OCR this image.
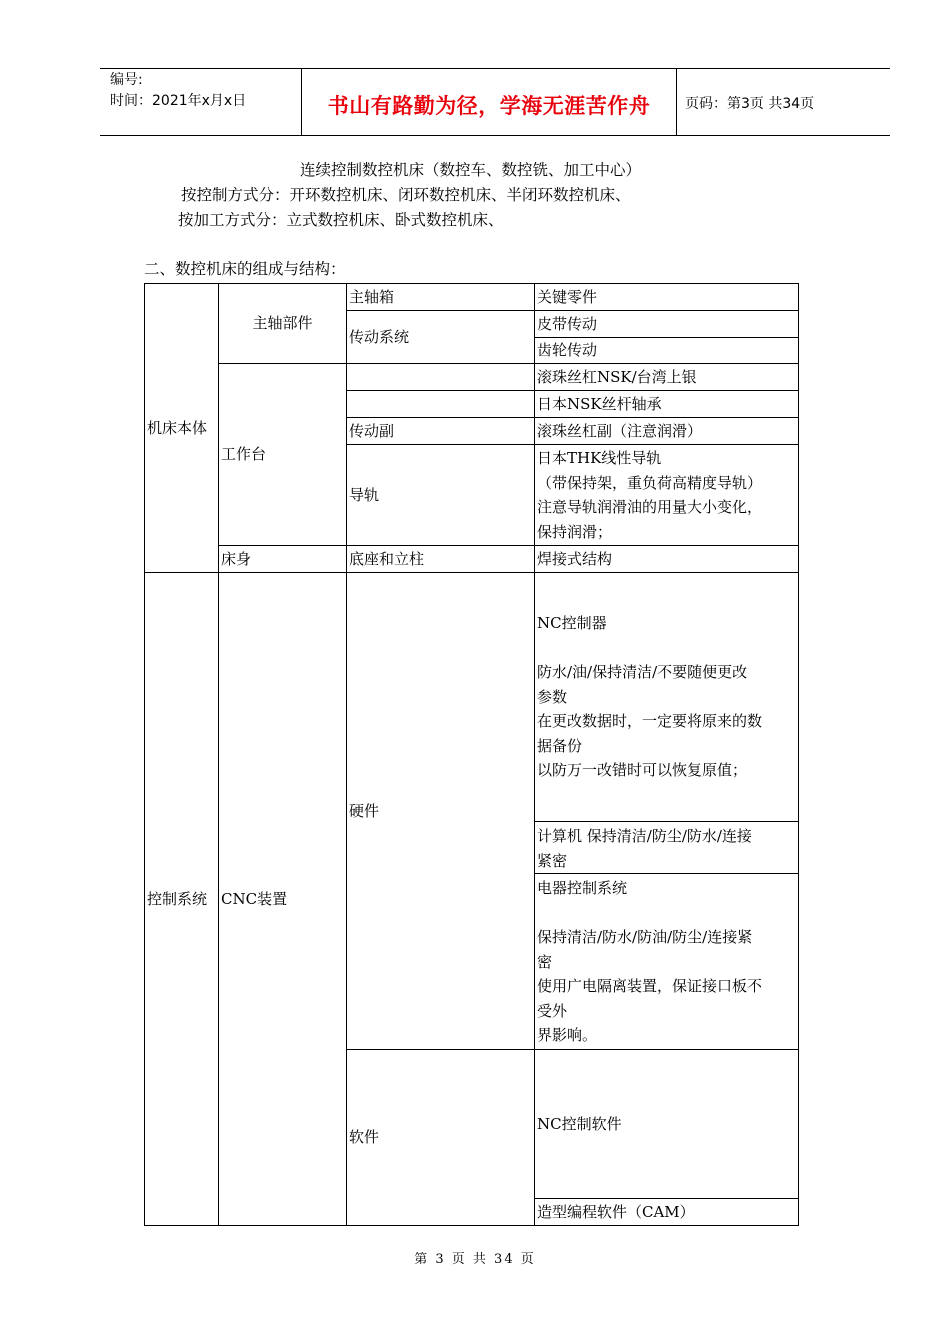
编号:
时间：2021年x月x日	书山有路勤为径，学海无涯苦作舟	页码：第3页 共34页
连续控制数控机床（数控车、数控铣、加工中心）
按控制方式分：开环数控机床、闭环数控机床、半闭环数控机床、
按加工方式分：立式数控机床、卧式数控机床、
二、数控机床的组成与结构：
机床本体
控制系统
主轴部件
工作台
床身
CNC装置
主轴箱
传动系统
传动副
导轨
底座和立柱
硬件
软件
关键零件
皮带传动
齿轮传动
滚珠丝杠NSK/台湾上银
日本NSK丝杆轴承
滚珠丝杠副（注意润滑）

日本THK线性导轨

（带保持架，重负荷高精度导轨）

注意导轨润滑油的用量大小变化，

保持润滑；

焊接式结构

NC控制器

防水/油/保持清洁/不要随便更改

参数

在更改数据时，一定要将原来的数

据备份

以防万一改错时可以恢复原值；

计算机 保持清洁/防尘/防水/连接

紧密

电器控制系统

保持清洁/防水/防油/防尘/连接紧

密

使用广电隔离装置，保证接口板不

受外

界影响。

NC控制软件
造型编程软件（CAM）
第 3 页 共 34 页
